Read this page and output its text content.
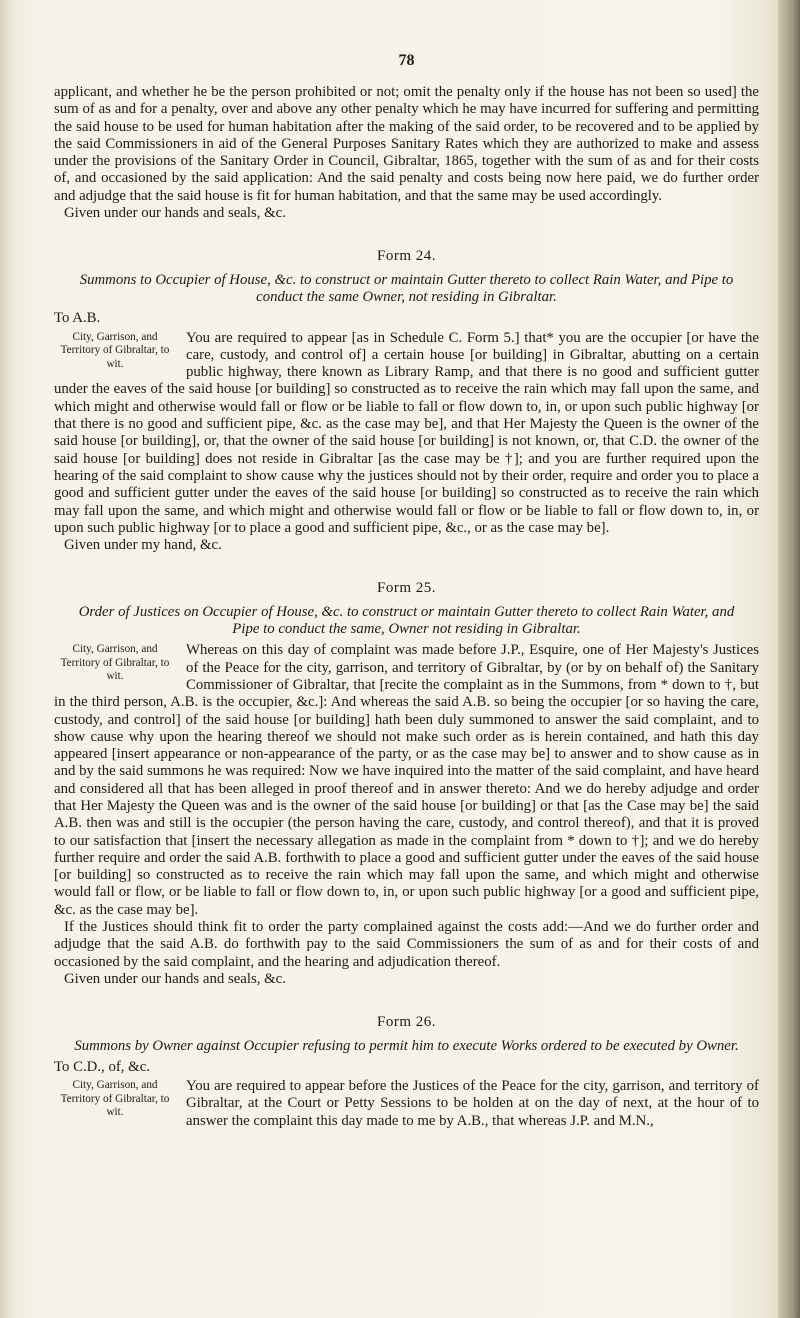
78

applicant, and whether he be the person prohibited or not; omit the penalty only if the house has not been so used] the sum of as and for a penalty, over and above any other penalty which he may have incurred for suffering and permitting the said house to be used for human habitation after the making of the said order, to be recovered and to be applied by the said Commissioners in aid of the General Purposes Sanitary Rates which they are authorized to make and assess under the provisions of the Sanitary Order in Council, Gibraltar, 1865, together with the sum of as and for their costs of, and occasioned by the said application: And the said penalty and costs being now here paid, we do further order and adjudge that the said house is fit for human habitation, and that the same may be used accordingly.

Given under our hands and seals, &c.

Form 24.
Summons to Occupier of House, &c. to construct or maintain Gutter thereto to collect Rain Water, and Pipe to conduct the same Owner, not residing in Gibraltar.

To A.B.

City, Garrison, and Territory of Gibraltar, to wit.

You are required to appear [as in Schedule C. Form 5.] that* you are the occupier [or have the care, custody, and control of] a certain house [or building] in Gibraltar, abutting on a certain public highway, there known as Library Ramp, and that there is no good and sufficient gutter under the eaves of the said house [or building] so constructed as to receive the rain which may fall upon the same, and which might and otherwise would fall or flow or be liable to fall or flow down to, in, or upon such public highway [or that there is no good and sufficient pipe, &c. as the case may be], and that Her Majesty the Queen is the owner of the said house [or building], or, that the owner of the said house [or building] is not known, or, that C.D. the owner of the said house [or building] does not reside in Gibraltar [as the case may be †]; and you are further required upon the hearing of the said complaint to show cause why the justices should not by their order, require and order you to place a good and sufficient gutter under the eaves of the said house [or building] so constructed as to receive the rain which may fall upon the same, and which might and otherwise would fall or flow or be liable to fall or flow down to, in, or upon such public highway [or to place a good and sufficient pipe, &c., or as the case may be].

Given under my hand, &c.

Form 25.
Order of Justices on Occupier of House, &c. to construct or maintain Gutter thereto to collect Rain Water, and Pipe to conduct the same, Owner not residing in Gibraltar.
City, Garrison, and Territory of Gibraltar, to wit.

Whereas on this day of complaint was made before J.P., Esquire, one of Her Majesty's Justices of the Peace for the city, garrison, and territory of Gibraltar, by (or by on behalf of) the Sanitary Commissioner of Gibraltar, that [recite the complaint as in the Summons, from * down to †, but in the third person, A.B. is the occupier, &c.]: And whereas the said A.B. so being the occupier [or so having the care, custody, and control] of the said house [or building] hath been duly summoned to answer the said complaint, and to show cause why upon the hearing thereof we should not make such order as is herein contained, and hath this day appeared [insert appearance or non-appearance of the party, or as the case may be] to answer and to show cause as in and by the said summons he was required: Now we have inquired into the matter of the said complaint, and have heard and considered all that has been alleged in proof thereof and in answer thereto: And we do hereby adjudge and order that Her Majesty the Queen was and is the owner of the said house [or building] or that [as the Case may be] the said A.B. then was and still is the occupier (the person having the care, custody, and control thereof), and that it is proved to our satisfaction that [insert the necessary allegation as made in the complaint from * down to †]; and we do hereby further require and order the said A.B. forthwith to place a good and sufficient gutter under the eaves of the said house [or building] so constructed as to receive the rain which may fall upon the same, and which might and otherwise would fall or flow, or be liable to fall or flow down to, in, or upon such public highway [or a good and sufficient pipe, &c. as the case may be].

If the Justices should think fit to order the party complained against the costs add:—And we do further order and adjudge that the said A.B. do forthwith pay to the said Commissioners the sum of as and for their costs of and occasioned by the said complaint, and the hearing and adjudication thereof.

Given under our hands and seals, &c.

Form 26.
Summons by Owner against Occupier refusing to permit him to execute Works ordered to be executed by Owner.

To C.D., of, &c.

City, Garrison, and Territory of Gibraltar, to wit.

You are required to appear before the Justices of the Peace for the city, garrison, and territory of Gibraltar, at the Court or Petty Sessions to be holden at on the day of next, at the hour of to answer the complaint this day made to me by A.B., that whereas J.P. and M.N.,
